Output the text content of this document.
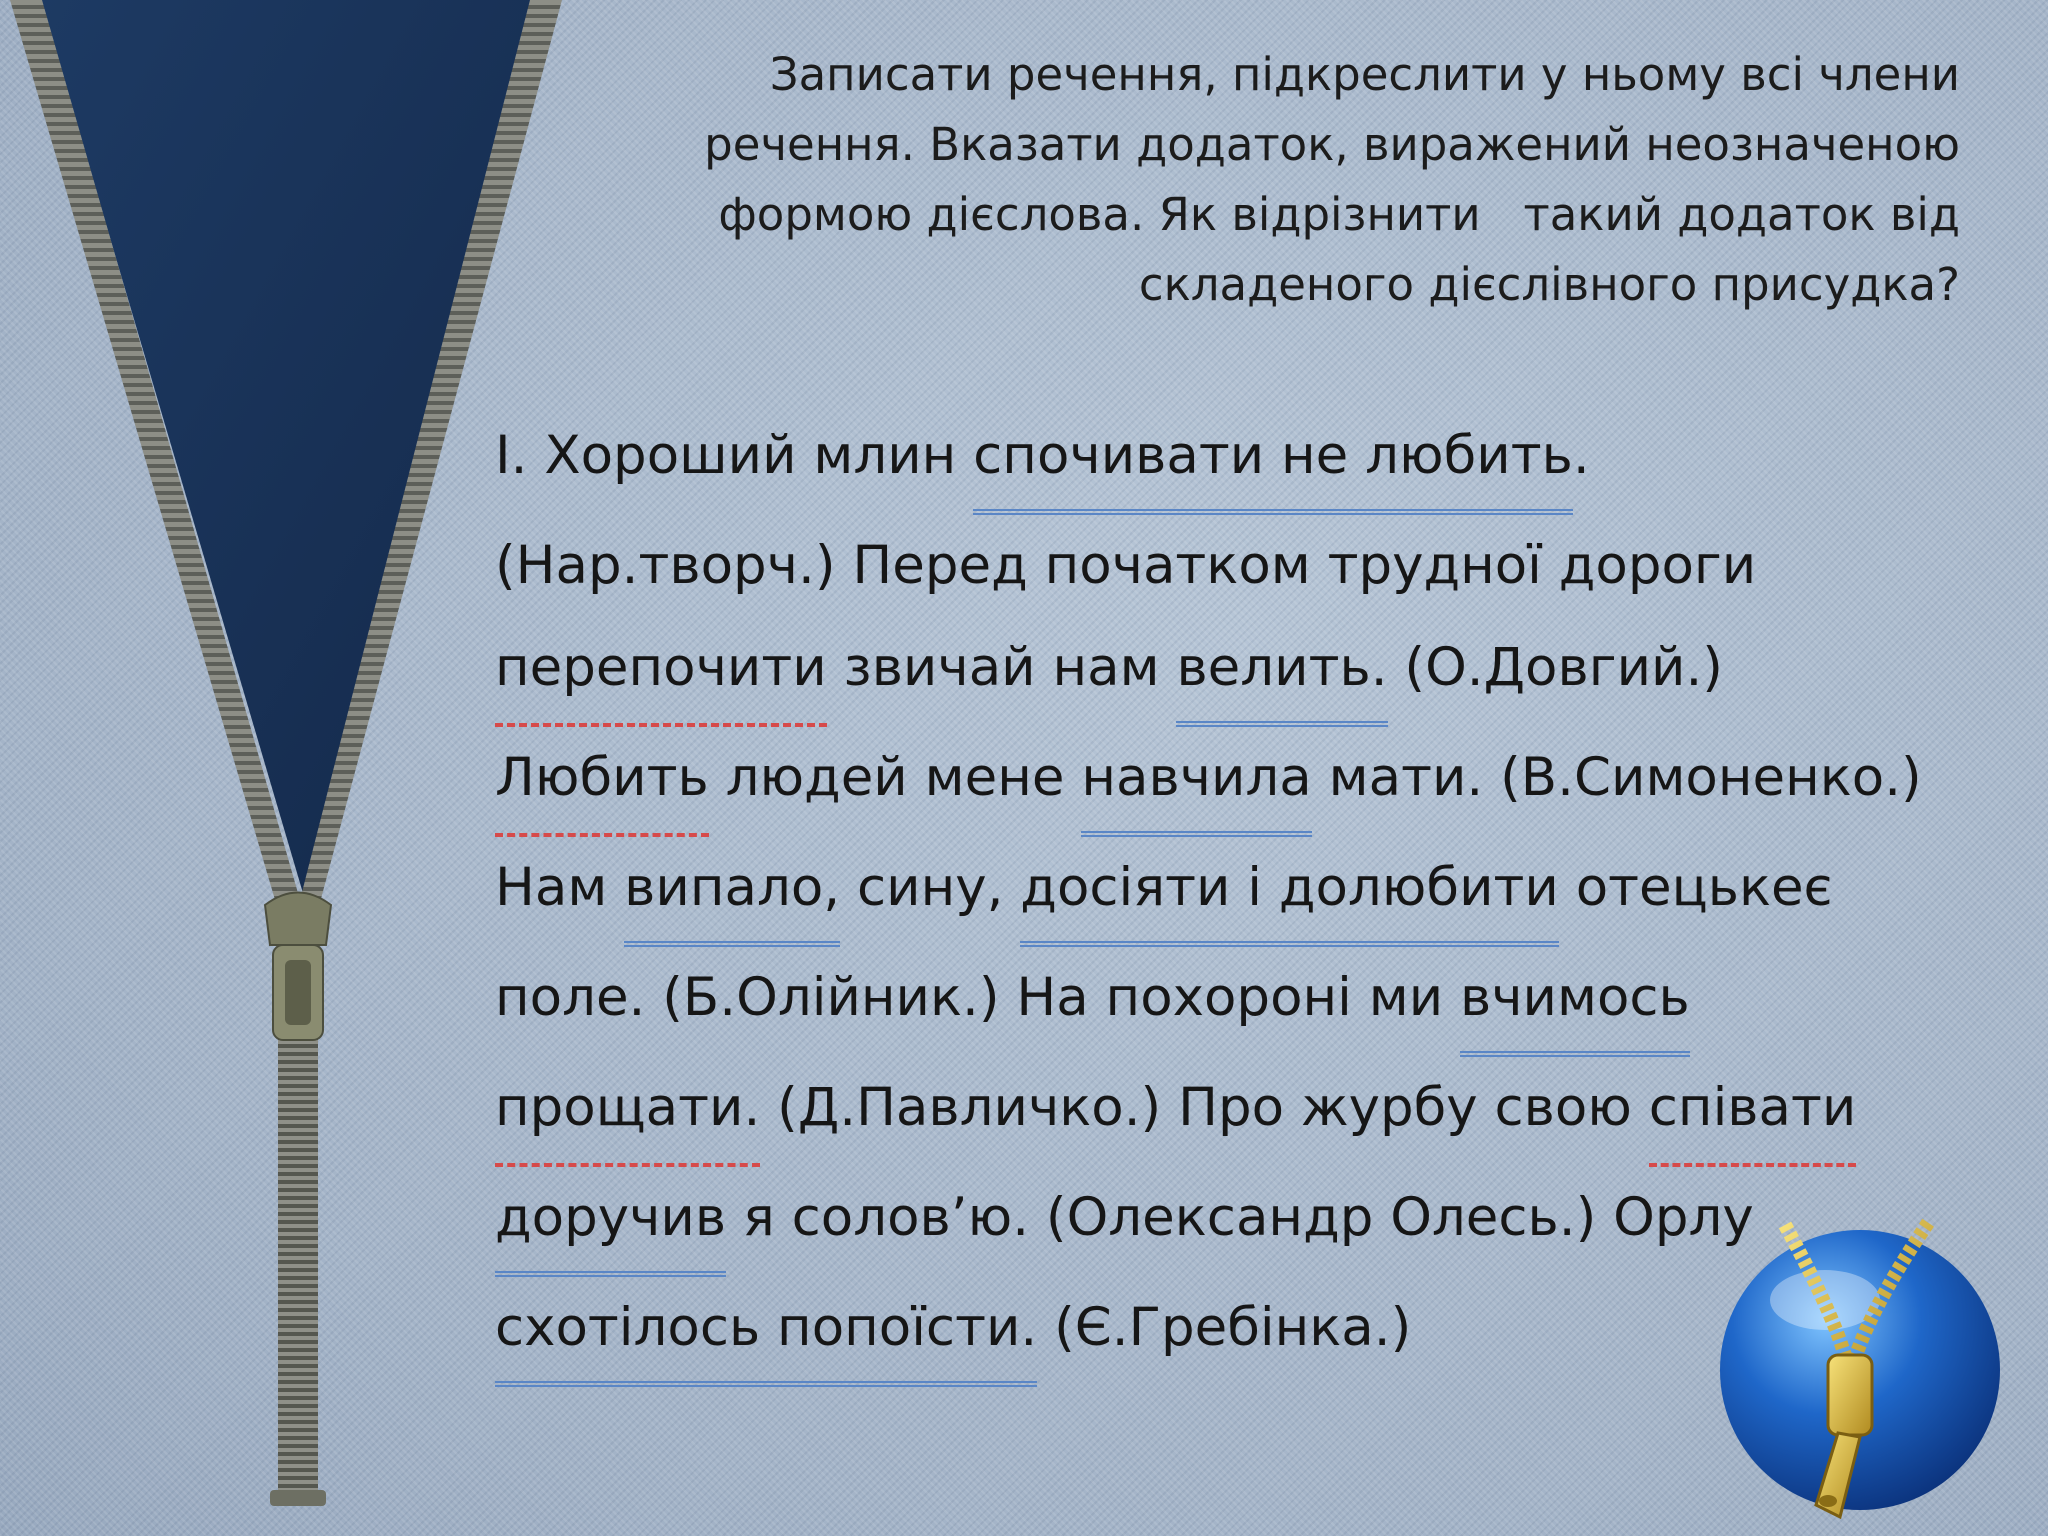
Записати речення, підкреслити у ньому всі члени
речення. Вказати додаток, виражений неозначеною
формою дієслова. Як відрізнити   такий додаток від
складеного дієслівного присудка?
І. Хороший млин спочивати не любить.
(Нар.творч.) Перед початком трудної дороги
перепочити звичай нам велить. (О.Довгий.)
Любить людей мене навчила мати. (В.Симоненко.)
Нам випало, сину, досіяти і долюбити отецькеє
поле. (Б.Олійник.) На похороні ми вчимось
прощати. (Д.Павличко.) Про журбу свою співати
доручив я солов’ю. (Олександр Олесь.) Орлу
схотілось попоїсти. (Є.Гребінка.)
